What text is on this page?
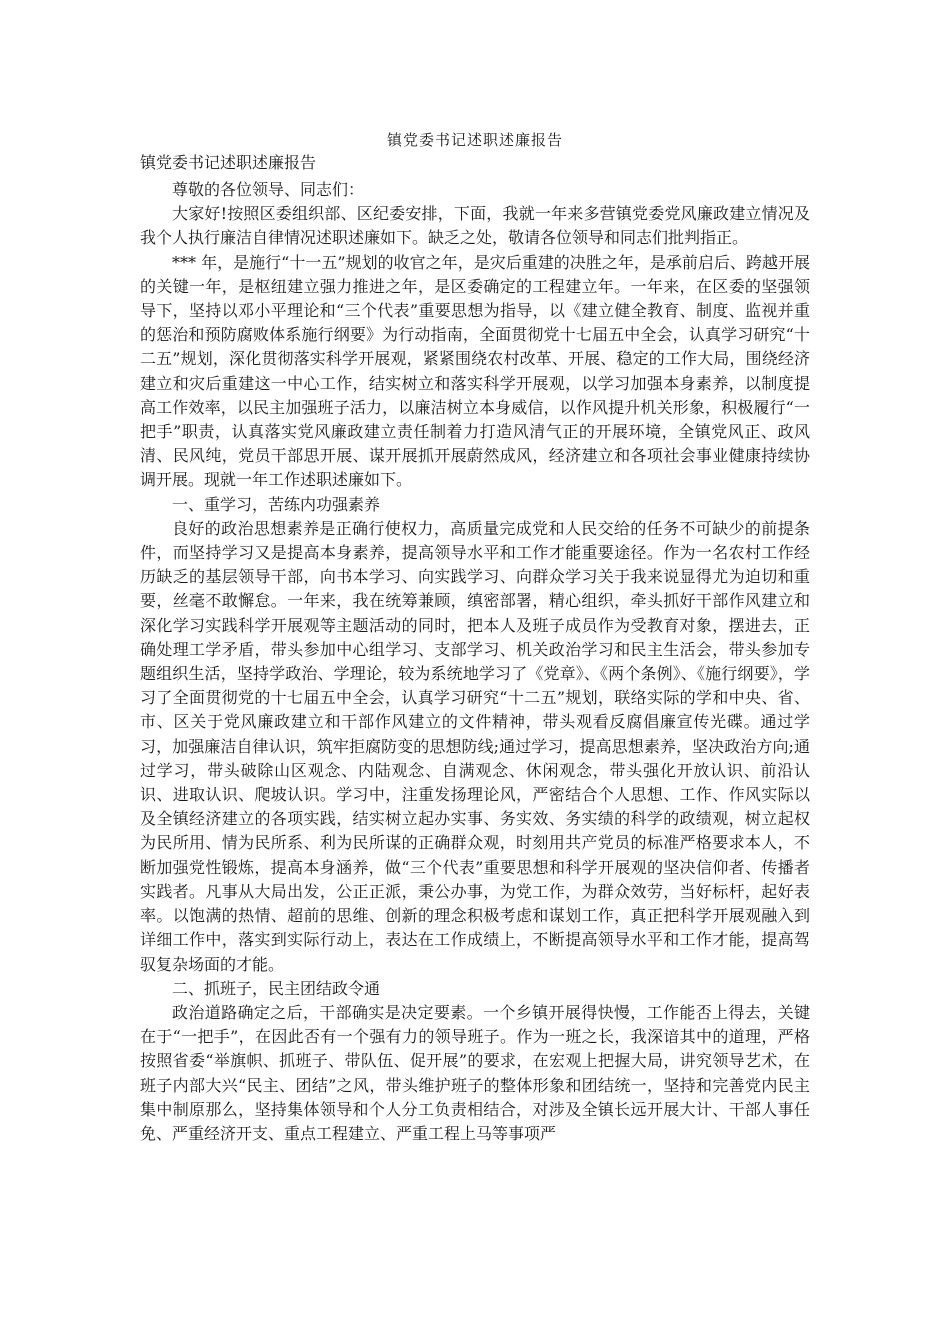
镇党委书记述职述廉报告
镇党委书记述职述廉报告

尊敬的各位领导、同志们：

大家好!按照区委组织部、区纪委安排，下面，我就一年来多营镇党委党风廉政建立情况及我个人执行廉洁自律情况述职述廉如下。缺乏之处，敬请各位领导和同志们批判指正。

*** 年，是施行“十一五”规划的收官之年，是灾后重建的决胜之年，是承前启后、跨越开展的关键一年，是枢纽建立强力推进之年，是区委确定的工程建立年。一年来，在区委的坚强领导下，坚持以邓小平理论和“三个代表”重要思想为指导，以《建立健全教育、制度、监视并重的惩治和预防腐败体系施行纲要》为行动指南，全面贯彻党十七届五中全会，认真学习研究“十二五”规划，深化贯彻落实科学开展观，紧紧围绕农村改革、开展、稳定的工作大局，围绕经济建立和灾后重建这一中心工作，结实树立和落实科学开展观，以学习加强本身素养，以制度提高工作效率，以民主加强班子活力，以廉洁树立本身威信，以作风提升机关形象，积极履行“一把手”职责，认真落实党风廉政建立责任制着力打造风清气正的开展环境，全镇党风正、政风清、民风纯，党员干部思开展、谋开展抓开展蔚然成风，经济建立和各项社会事业健康持续协调开展。现就一年工作述职述廉如下。

一、重学习，苦练内功强素养

良好的政治思想素养是正确行使权力，高质量完成党和人民交给的任务不可缺少的前提条件，而坚持学习又是提高本身素养，提高领导水平和工作才能重要途径。作为一名农村工作经历缺乏的基层领导干部，向书本学习、向实践学习、向群众学习关于我来说显得尤为迫切和重要，丝毫不敢懈怠。一年来，我在统筹兼顾，缜密部署，精心组织，牵头抓好干部作风建立和深化学习实践科学开展观等主题活动的同时，把本人及班子成员作为受教育对象，摆进去，正确处理工学矛盾，带头参加中心组学习、支部学习、机关政治学习和民主生活会，带头参加专题组织生活，坚持学政治、学理论，较为系统地学习了《党章》、《两个条例》、《施行纲要》，学习了全面贯彻党的十七届五中全会，认真学习研究“十二五”规划，联络实际的学和中央、省、市、区关于党风廉政建立和干部作风建立的文件精神，带头观看反腐倡廉宣传光碟。通过学习，加强廉洁自律认识，筑牢拒腐防变的思想防线;通过学习，提高思想素养，坚决政治方向;通过学习，带头破除山区观念、内陆观念、自满观念、休闲观念，带头强化开放认识、前沿认识、进取认识、爬坡认识。学习中，注重发扬理论风，严密结合个人思想、工作、作风实际以及全镇经济建立的各项实践，结实树立起办实事、务实效、务实绩的科学的政绩观，树立起权为民所用、情为民所系、利为民所谋的正确群众观，时刻用共产党员的标准严格要求本人，不断加强党性锻炼，提高本身涵养，做“三个代表”重要思想和科学开展观的坚决信仰者、传播者实践者。凡事从大局出发，公正正派，秉公办事，为党工作，为群众效劳，当好标杆，起好表率。以饱满的热情、超前的思维、创新的理念积极考虑和谋划工作，真正把科学开展观融入到详细工作中，落实到实际行动上，表达在工作成绩上，不断提高领导水平和工作才能，提高驾驭复杂场面的才能。

二、抓班子，民主团结政令通

政治道路确定之后，干部确实是决定要素。一个乡镇开展得快慢，工作能否上得去，关键在于“一把手”，在因此否有一个强有力的领导班子。作为一班之长，我深谙其中的道理，严格按照省委“举旗帜、抓班子、带队伍、促开展”的要求，在宏观上把握大局，讲究领导艺术，在班子内部大兴“民主、团结”之风，带头维护班子的整体形象和团结统一，坚持和完善党内民主集中制原那么，坚持集体领导和个人分工负责相结合，对涉及全镇长远开展大计、干部人事任免、严重经济开支、重点工程建立、严重工程上马等事项严
